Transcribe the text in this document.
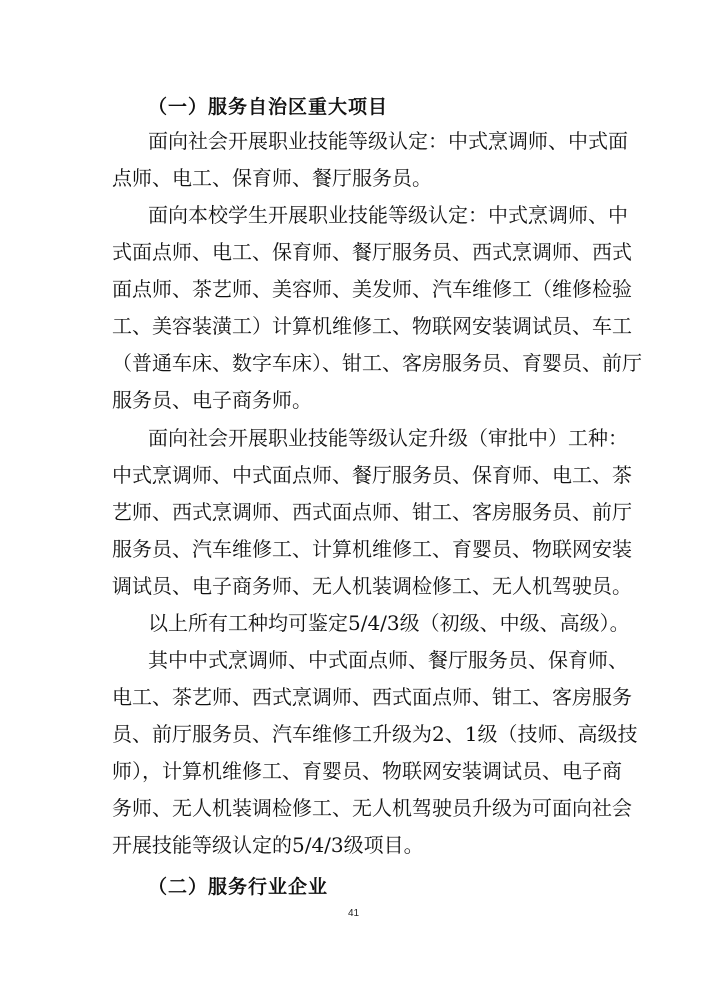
（一）服务自治区重大项目
面向社会开展职业技能等级认定：中式烹调师、中式面
点师、电工、保育师、餐厅服务员。
面向本校学生开展职业技能等级认定：中式烹调师、中
式面点师、电工、保育师、餐厅服务员、西式烹调师、西式
面点师、茶艺师、美容师、美发师、汽车维修工（维修检验
工、美容装潢工）计算机维修工、物联网安装调试员、车工
（普通车床、数字车床）、钳工、客房服务员、育婴员、前厅
服务员、电子商务师。
面向社会开展职业技能等级认定升级（审批中）工种：
中式烹调师、中式面点师、餐厅服务员、保育师、电工、茶
艺师、西式烹调师、西式面点师、钳工、客房服务员、前厅
服务员、汽车维修工、计算机维修工、育婴员、物联网安装
调试员、电子商务师、无人机装调检修工、无人机驾驶员。
以上所有工种均可鉴定5/4/3级（初级、中级、高级）。
其中中式烹调师、中式面点师、餐厅服务员、保育师、
电工、茶艺师、西式烹调师、西式面点师、钳工、客房服务
员、前厅服务员、汽车维修工升级为2、1级（技师、高级技
师），计算机维修工、育婴员、物联网安装调试员、电子商
务师、无人机装调检修工、无人机驾驶员升级为可面向社会
开展技能等级认定的5/4/3级项目。
（二）服务行业企业
41
